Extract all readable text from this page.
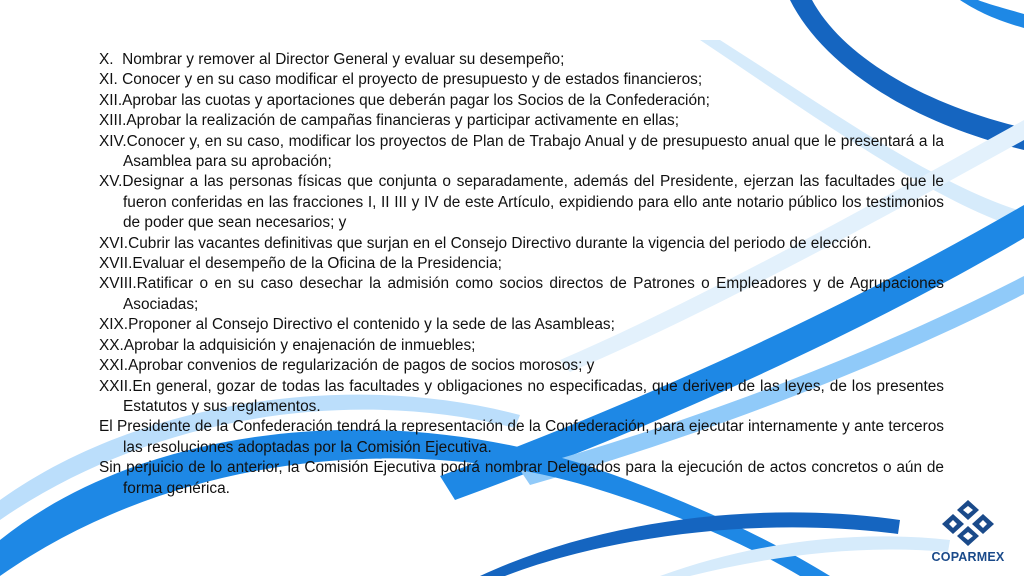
X. Nombrar y remover al Director General y evaluar su desempeño;

XI. Conocer y en su caso modificar el proyecto de presupuesto y de estados financieros;

XII.Aprobar las cuotas y aportaciones que deberán pagar los Socios de la Confederación;

XIII.Aprobar la realización de campañas financieras y participar activamente en ellas;

XIV.Conocer y, en su caso, modificar los proyectos de Plan de Trabajo Anual y de presupuesto anual que le presentará a la Asamblea para su aprobación;

XV.Designar a las personas físicas que conjunta o separadamente, además del Presidente, ejerzan las facultades que le fueron conferidas en las fracciones I, II III y IV de este Artículo, expidiendo para ello ante notario público los testimonios de poder que sean necesarios; y

XVI.Cubrir las vacantes definitivas que surjan en el Consejo Directivo durante la vigencia del periodo de elección.

XVII.Evaluar el desempeño de la Oficina de la Presidencia;

XVIII.Ratificar o en su caso desechar la admisión como socios directos de Patrones o Empleadores y de Agrupaciones Asociadas;

XIX.Proponer al Consejo Directivo el contenido y la sede de las Asambleas;

XX.Aprobar la adquisición y enajenación de inmuebles;

XXI.Aprobar convenios de regularización de pagos de socios morosos; y

XXII.En general, gozar de todas las facultades y obligaciones no especificadas, que deriven de las leyes, de los presentes Estatutos y sus reglamentos.

El Presidente de la Confederación tendrá la representación de la Confederación, para ejecutar internamente y ante terceros las resoluciones adoptadas por la Comisión Ejecutiva.

Sin perjuicio de lo anterior, la Comisión Ejecutiva podrá nombrar Delegados para la ejecución de actos concretos o aún de forma genérica.

COPARMEX
